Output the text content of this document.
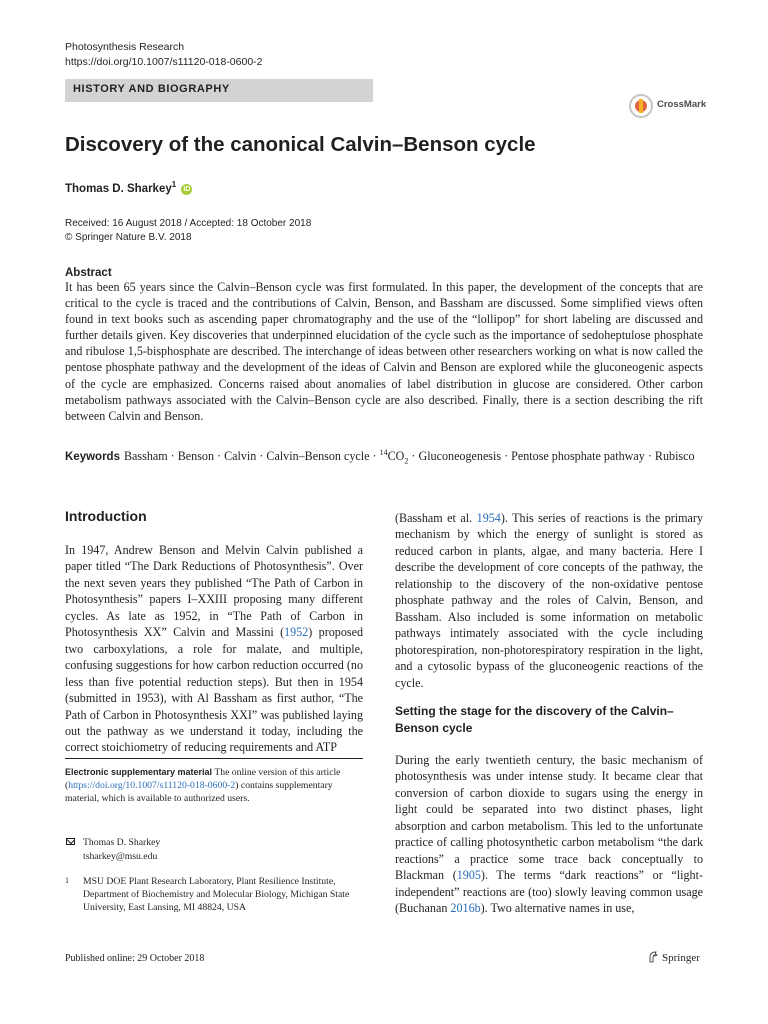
Photosynthesis Research
https://doi.org/10.1007/s11120-018-0600-2
HISTORY AND BIOGRAPHY
CrossMark
Discovery of the canonical Calvin–Benson cycle
Thomas D. Sharkey$^1$ iD
Received: 16 August 2018 / Accepted: 18 October 2018
© Springer Nature B.V. 2018
Abstract
It has been 65 years since the Calvin–Benson cycle was first formulated. In this paper, the development of the concepts that are critical to the cycle is traced and the contributions of Calvin, Benson, and Bassham are discussed. Some simplified views often found in text books such as ascending paper chromatography and the use of the “lollipop” for short labeling are discussed and further details given. Key discoveries that underpinned elucidation of the cycle such as the importance of sedoheptulose phosphate and ribulose 1,5-bisphosphate are described. The interchange of ideas between other researchers working on what is now called the pentose phosphate pathway and the development of the ideas of Calvin and Benson are explored while the gluconeogenic aspects of the cycle are emphasized. Concerns raised about anomalies of label distribution in glucose are considered. Other carbon metabolism pathways associated with the Calvin–Benson cycle are also described. Finally, there is a section describing the rift between Calvin and Benson.
Keywords Bassham · Benson · Calvin · Calvin–Benson cycle · $^{14}CO_2$ · Gluconeogenesis · Pentose phosphate pathway · Rubisco
Introduction
In 1947, Andrew Benson and Melvin Calvin published a paper titled “The Dark Reductions of Photosynthesis”. Over the next seven years they published “The Path of Carbon in Photosynthesis” papers I–XXIII proposing many different cycles. As late as 1952, in “The Path of Carbon in Photosynthesis XX” Calvin and Massini (1952) proposed two carboxylations, a role for malate, and multiple, confusing suggestions for how carbon reduction occurred (no less than five potential reduction steps). But then in 1954 (submitted in 1953), with Al Bassham as first author, “The Path of Carbon in Photosynthesis XXI” was published laying out the pathway as we understand it today, including the correct stoichiometry of reducing requirements and ATP
(Bassham et al. 1954). This series of reactions is the primary mechanism by which the energy of sunlight is stored as reduced carbon in plants, algae, and many bacteria. Here I describe the development of core concepts of the pathway, the relationship to the discovery of the non-oxidative pentose phosphate pathway and the roles of Calvin, Benson, and Bassham. Also included is some information on metabolic pathways intimately associated with the cycle including photorespiration, non-photorespiratory respiration in the light, and a cytosolic bypass of the gluconeogenic reactions of the cycle.
Setting the stage for the discovery of the Calvin–Benson cycle
During the early twentieth century, the basic mechanism of photosynthesis was under intense study. It became clear that conversion of carbon dioxide to sugars using the energy in light could be separated into two distinct phases, light absorption and carbon metabolism. This led to the unfortunate practice of calling photosynthetic carbon metabolism “the dark reactions” a practice some trace back conceptually to Blackman (1905). The terms “dark reactions” or “light-independent” reactions are (too) slowly leaving common usage (Buchanan 2016b). Two alternative names in use,
Electronic supplementary material The online version of this article (https://doi.org/10.1007/s11120-018-0600-2) contains supplementary material, which is available to authorized users.
Thomas D. Sharkey
tsharkey@msu.edu
1 MSU DOE Plant Research Laboratory, Plant Resilience Institute, Department of Biochemistry and Molecular Biology, Michigan State University, East Lansing, MI 48824, USA
Published online: 29 October 2018	Springer
